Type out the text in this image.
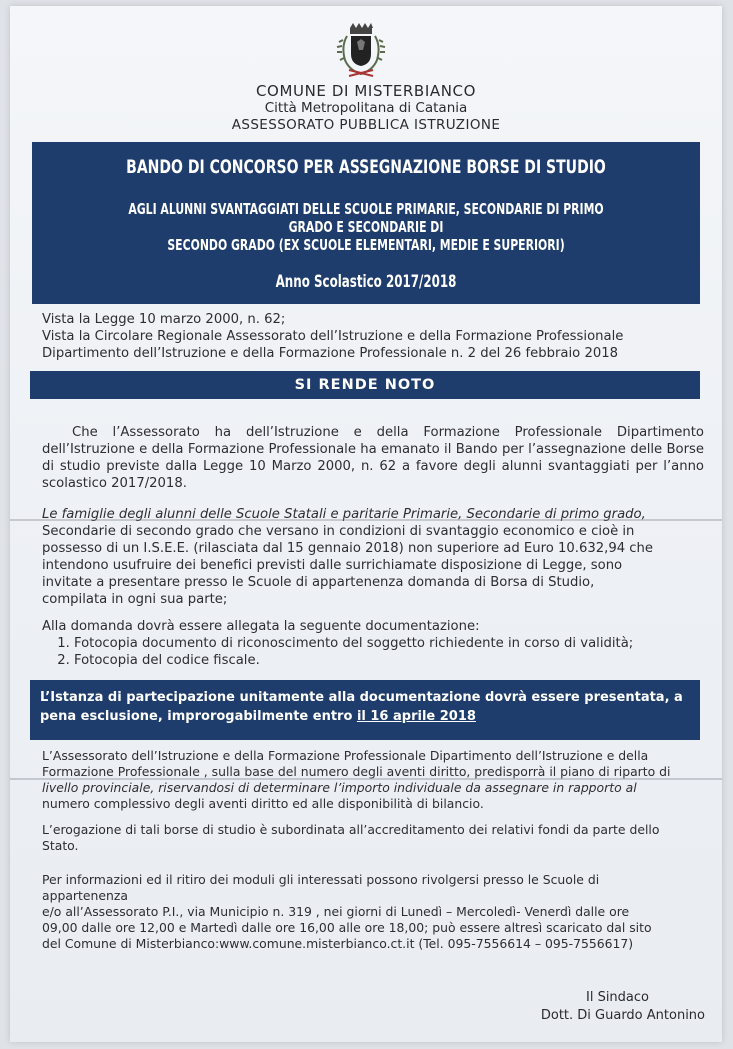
COMUNE DI MISTERBIANCO
Città Metropolitana di Catania
ASSESSORATO PUBBLICA ISTRUZIONE
BANDO DI CONCORSO PER ASSEGNAZIONE BORSE DI STUDIO
AGLI ALUNNI SVANTAGGIATI DELLE SCUOLE PRIMARIE, SECONDARIE DI PRIMO GRADO E SECONDARIE DI
SECONDO GRADO (EX SCUOLE ELEMENTARI, MEDIE E SUPERIORI)
Anno Scolastico 2017/2018
Vista la Legge 10 marzo 2000, n. 62;
Vista la Circolare Regionale Assessorato dell’Istruzione e della Formazione Professionale
Dipartimento dell’Istruzione e della Formazione Professionale n. 2 del 26 febbraio 2018
SI RENDE NOTO
Che l’Assessorato ha dell’Istruzione e della Formazione Professionale Dipartimento dell’Istruzione e della Formazione Professionale ha emanato il Bando per l’assegnazione delle Borse di studio previste dalla Legge 10 Marzo 2000, n. 62 a favore degli alunni svantaggiati per l’anno scolastico 2017/2018.
Le famiglie degli alunni delle Scuole Statali e paritarie Primarie, Secondarie di primo grado,
Secondarie di secondo grado che versano in condizioni di svantaggio economico e cioè in
possesso di un I.S.E.E. (rilasciata dal 15 gennaio 2018) non superiore ad Euro 10.632,94 che
intendono usufruire dei benefici previsti dalle surrichiamate disposizione di Legge, sono
invitate a presentare presso le Scuole di appartenenza domanda di Borsa di Studio,
compilata in ogni sua parte;
Alla domanda dovrà essere allegata la seguente documentazione:
1. Fotocopia documento di riconoscimento del soggetto richiedente in corso di validità;
2. Fotocopia del codice fiscale.
L’Istanza di partecipazione unitamente alla documentazione dovrà essere presentata, a
pena esclusione, improrogabilmente entro il 16 aprile 2018
L’Assessorato dell’Istruzione e della Formazione Professionale Dipartimento dell’Istruzione e della
Formazione Professionale , sulla base del numero degli aventi diritto, predisporrà il piano di riparto di
livello provinciale, riservandosi di determinare l’importo individuale da assegnare in rapporto al
numero complessivo degli aventi diritto ed alle disponibilità di bilancio.
L’erogazione di tali borse di studio è subordinata all’accreditamento dei relativi fondi da parte dello
Stato.
Per informazioni ed il ritiro dei moduli gli interessati possono rivolgersi presso le Scuole di
appartenenza
e/o all’Assessorato P.I., via Municipio n. 319 , nei giorni di Lunedì – Mercoledì- Venerdì dalle ore
09,00 dalle ore 12,00 e Martedì dalle ore 16,00 alle ore 18,00; può essere altresì scaricato dal sito
del Comune di Misterbianco:www.comune.misterbianco.ct.it (Tel. 095-7556614 – 095-7556617)
Il Sindaco
Dott. Di Guardo Antonino
